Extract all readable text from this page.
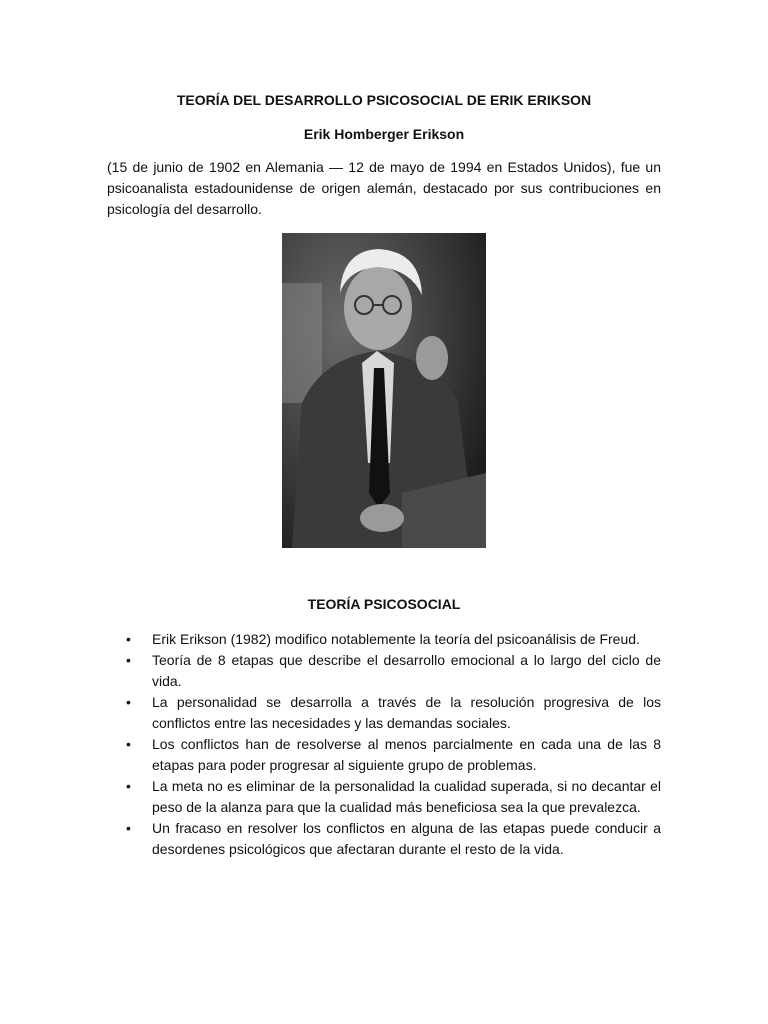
TEORÍA DEL DESARROLLO PSICOSOCIAL DE ERIK ERIKSON
Erik Homberger Erikson

(15 de junio de 1902 en Alemania — 12 de mayo de 1994 en Estados Unidos), fue un psicoanalista estadounidense de origen alemán, destacado por sus contribuciones en psicología del desarrollo.

TEORÍA PSICOSOCIAL
• Erik Erikson (1982) modifico notablemente la teoría del psicoanálisis de Freud.
• Teoría de 8 etapas que describe el desarrollo emocional a lo largo del ciclo de vida.
• La personalidad se desarrolla a través de la resolución progresiva de los conflictos entre las necesidades y las demandas sociales.
• Los conflictos han de resolverse al menos parcialmente en cada una de las 8 etapas para poder progresar al siguiente grupo de problemas.
• La meta no es eliminar de la personalidad la cualidad superada, si no decantar el peso de la alanza para que la cualidad más beneficiosa sea la que prevalezca.
• Un fracaso en resolver los conflictos en alguna de las etapas puede conducir a desordenes psicológicos que afectaran durante el resto de la vida.
